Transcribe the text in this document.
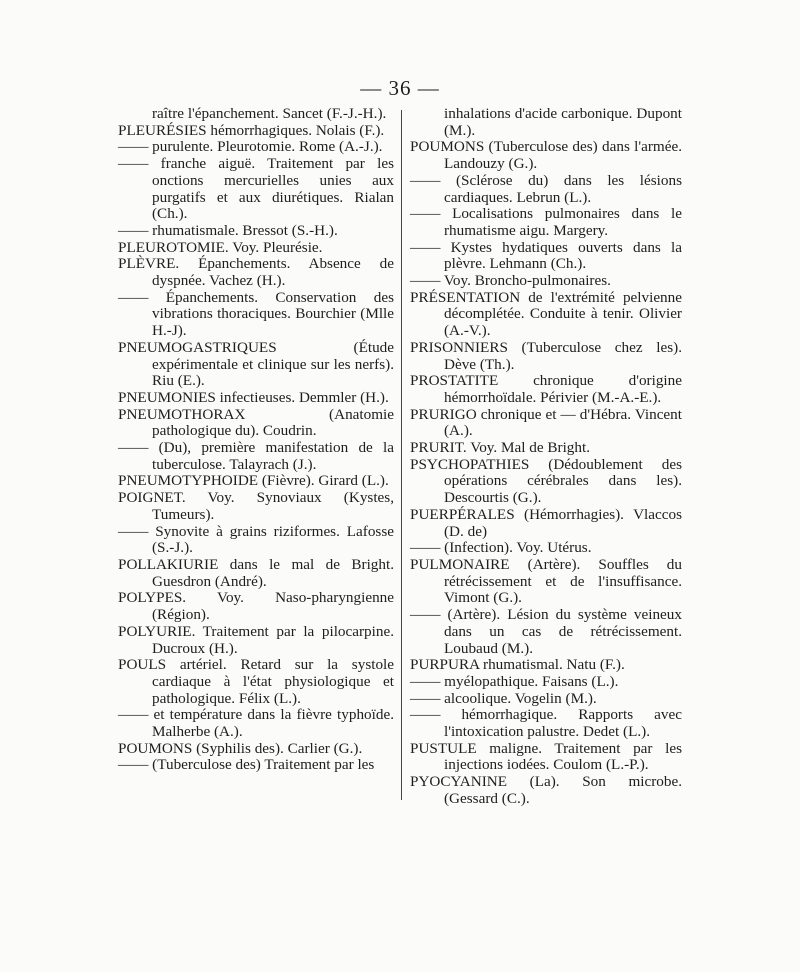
— 36 —
raître l'épanchement. Sancet (F.-J.-H.).
PLEURÉSIES hémorrhagiques. Nolais (F.).
—— purulente. Pleurotomie. Rome (A.-J.).
—— franche aiguë. Traitement par les onctions mercurielles unies aux purgatifs et aux diurétiques. Rialan (Ch.).
—— rhumatismale. Bressot (S.-H.).
PLEUROTOMIE. Voy. Pleurésie.
PLÈVRE. Épanchements. Absence de dyspnée. Vachez (H.).
—— Épanchements. Conservation des vibrations thoraciques. Bourchier (Mlle H.-J).
PNEUMOGASTRIQUES (Étude expérimentale et clinique sur les nerfs). Riu (E.).
PNEUMONIES infectieuses. Demmler (H.).
PNEUMOTHORAX (Anatomie pathologique du). Coudrin.
—— (Du), première manifestation de la tuberculose. Talayrach (J.).
PNEUMOTYPHOIDE (Fièvre). Girard (L.).
POIGNET. Voy. Synoviaux (Kystes, Tumeurs).
—— Synovite à grains riziformes. Lafosse (S.-J.).
POLLAKIURIE dans le mal de Bright. Guesdron (André).
POLYPES. Voy. Naso-pharyngienne (Région).
POLYURIE. Traitement par la pilocarpine. Ducroux (H.).
POULS artériel. Retard sur la systole cardiaque à l'état physiologique et pathologique. Félix (L.).
—— et température dans la fièvre typhoïde. Malherbe (A.).
POUMONS (Syphilis des). Carlier (G.).
—— (Tuberculose des) Traitement par les
inhalations d'acide carbonique. Dupont (M.).
POUMONS (Tuberculose des) dans l'armée. Landouzy (G.).
—— (Sclérose du) dans les lésions cardiaques. Lebrun (L.).
—— Localisations pulmonaires dans le rhumatisme aigu. Margery.
—— Kystes hydatiques ouverts dans la plèvre. Lehmann (Ch.).
—— Voy. Broncho-pulmonaires.
PRÉSENTATION de l'extrémité pelvienne décomplétée. Conduite à tenir. Olivier (A.-V.).
PRISONNIERS (Tuberculose chez les). Dève (Th.).
PROSTATITE chronique d'origine hémorrhoïdale. Périvier (M.-A.-E.).
PRURIGO chronique et — d'Hébra. Vincent (A.).
PRURIT. Voy. Mal de Bright.
PSYCHOPATHIES (Dédoublement des opérations cérébrales dans les). Descourtis (G.).
PUERPÉRALES (Hémorrhagies). Vlaccos (D. de)
—— (Infection). Voy. Utérus.
PULMONAIRE (Artère). Souffles du rétrécissement et de l'insuffisance. Vimont (G.).
—— (Artère). Lésion du système veineux dans un cas de rétrécissement. Loubaud (M.).
PURPURA rhumatismal. Natu (F.).
—— myélopathique. Faisans (L.).
—— alcoolique. Vogelin (M.).
—— hémorrhagique. Rapports avec l'intoxication palustre. Dedet (L.).
PUSTULE maligne. Traitement par les injections iodées. Coulom (L.-P.).
PYOCYANINE (La). Son microbe. (Gessard (C.).
